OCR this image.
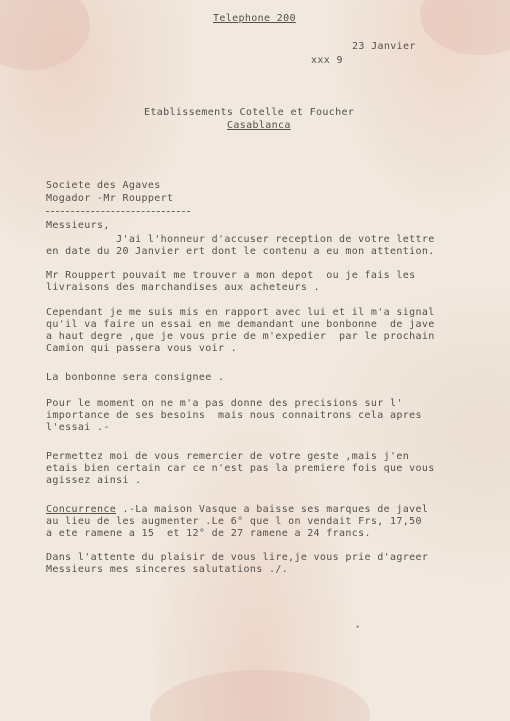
Telephone 200
23 Janvier
xxx 9
Etablissements Cotelle et Foucher
Casablanca
Societe des Agaves
Mogador -Mr Rouppert
Messieurs,
J'ai l'honneur d'accuser reception de votre lettre
en date du 20 Janvier ert dont le contenu a eu mon attention.
Mr Rouppert pouvait me trouver a mon depot  ou je fais les
livraisons des marchandises aux acheteurs .
Cependant je me suis mis en rapport avec lui et il m'a signal
qu'il va faire un essai en me demandant une bonbonne  de jave
a haut degre ,que je vous prie de m'expedier  par le prochain
Camion qui passera vous voir .
La bonbonne sera consignee .
Pour le moment on ne m'a pas donne des precisions sur l'
importance de ses besoins  mais nous connaitrons cela apres
l'essai .-
Permettez moi de vous remercier de votre geste ,mais j'en
etais bien certain car ce n'est pas la premiere fois que vous
agissez ainsi .
Concurrence .-La maison Vasque a baisse ses marques de javel
au lieu de les augmenter .Le 6° que l on vendait Frs, 17,50
a ete ramene a 15  et 12° de 27 ramene a 24 francs.
Dans l'attente du plaisir de vous lire,je vous prie d'agreer
Messieurs mes sinceres salutations ./.
•
